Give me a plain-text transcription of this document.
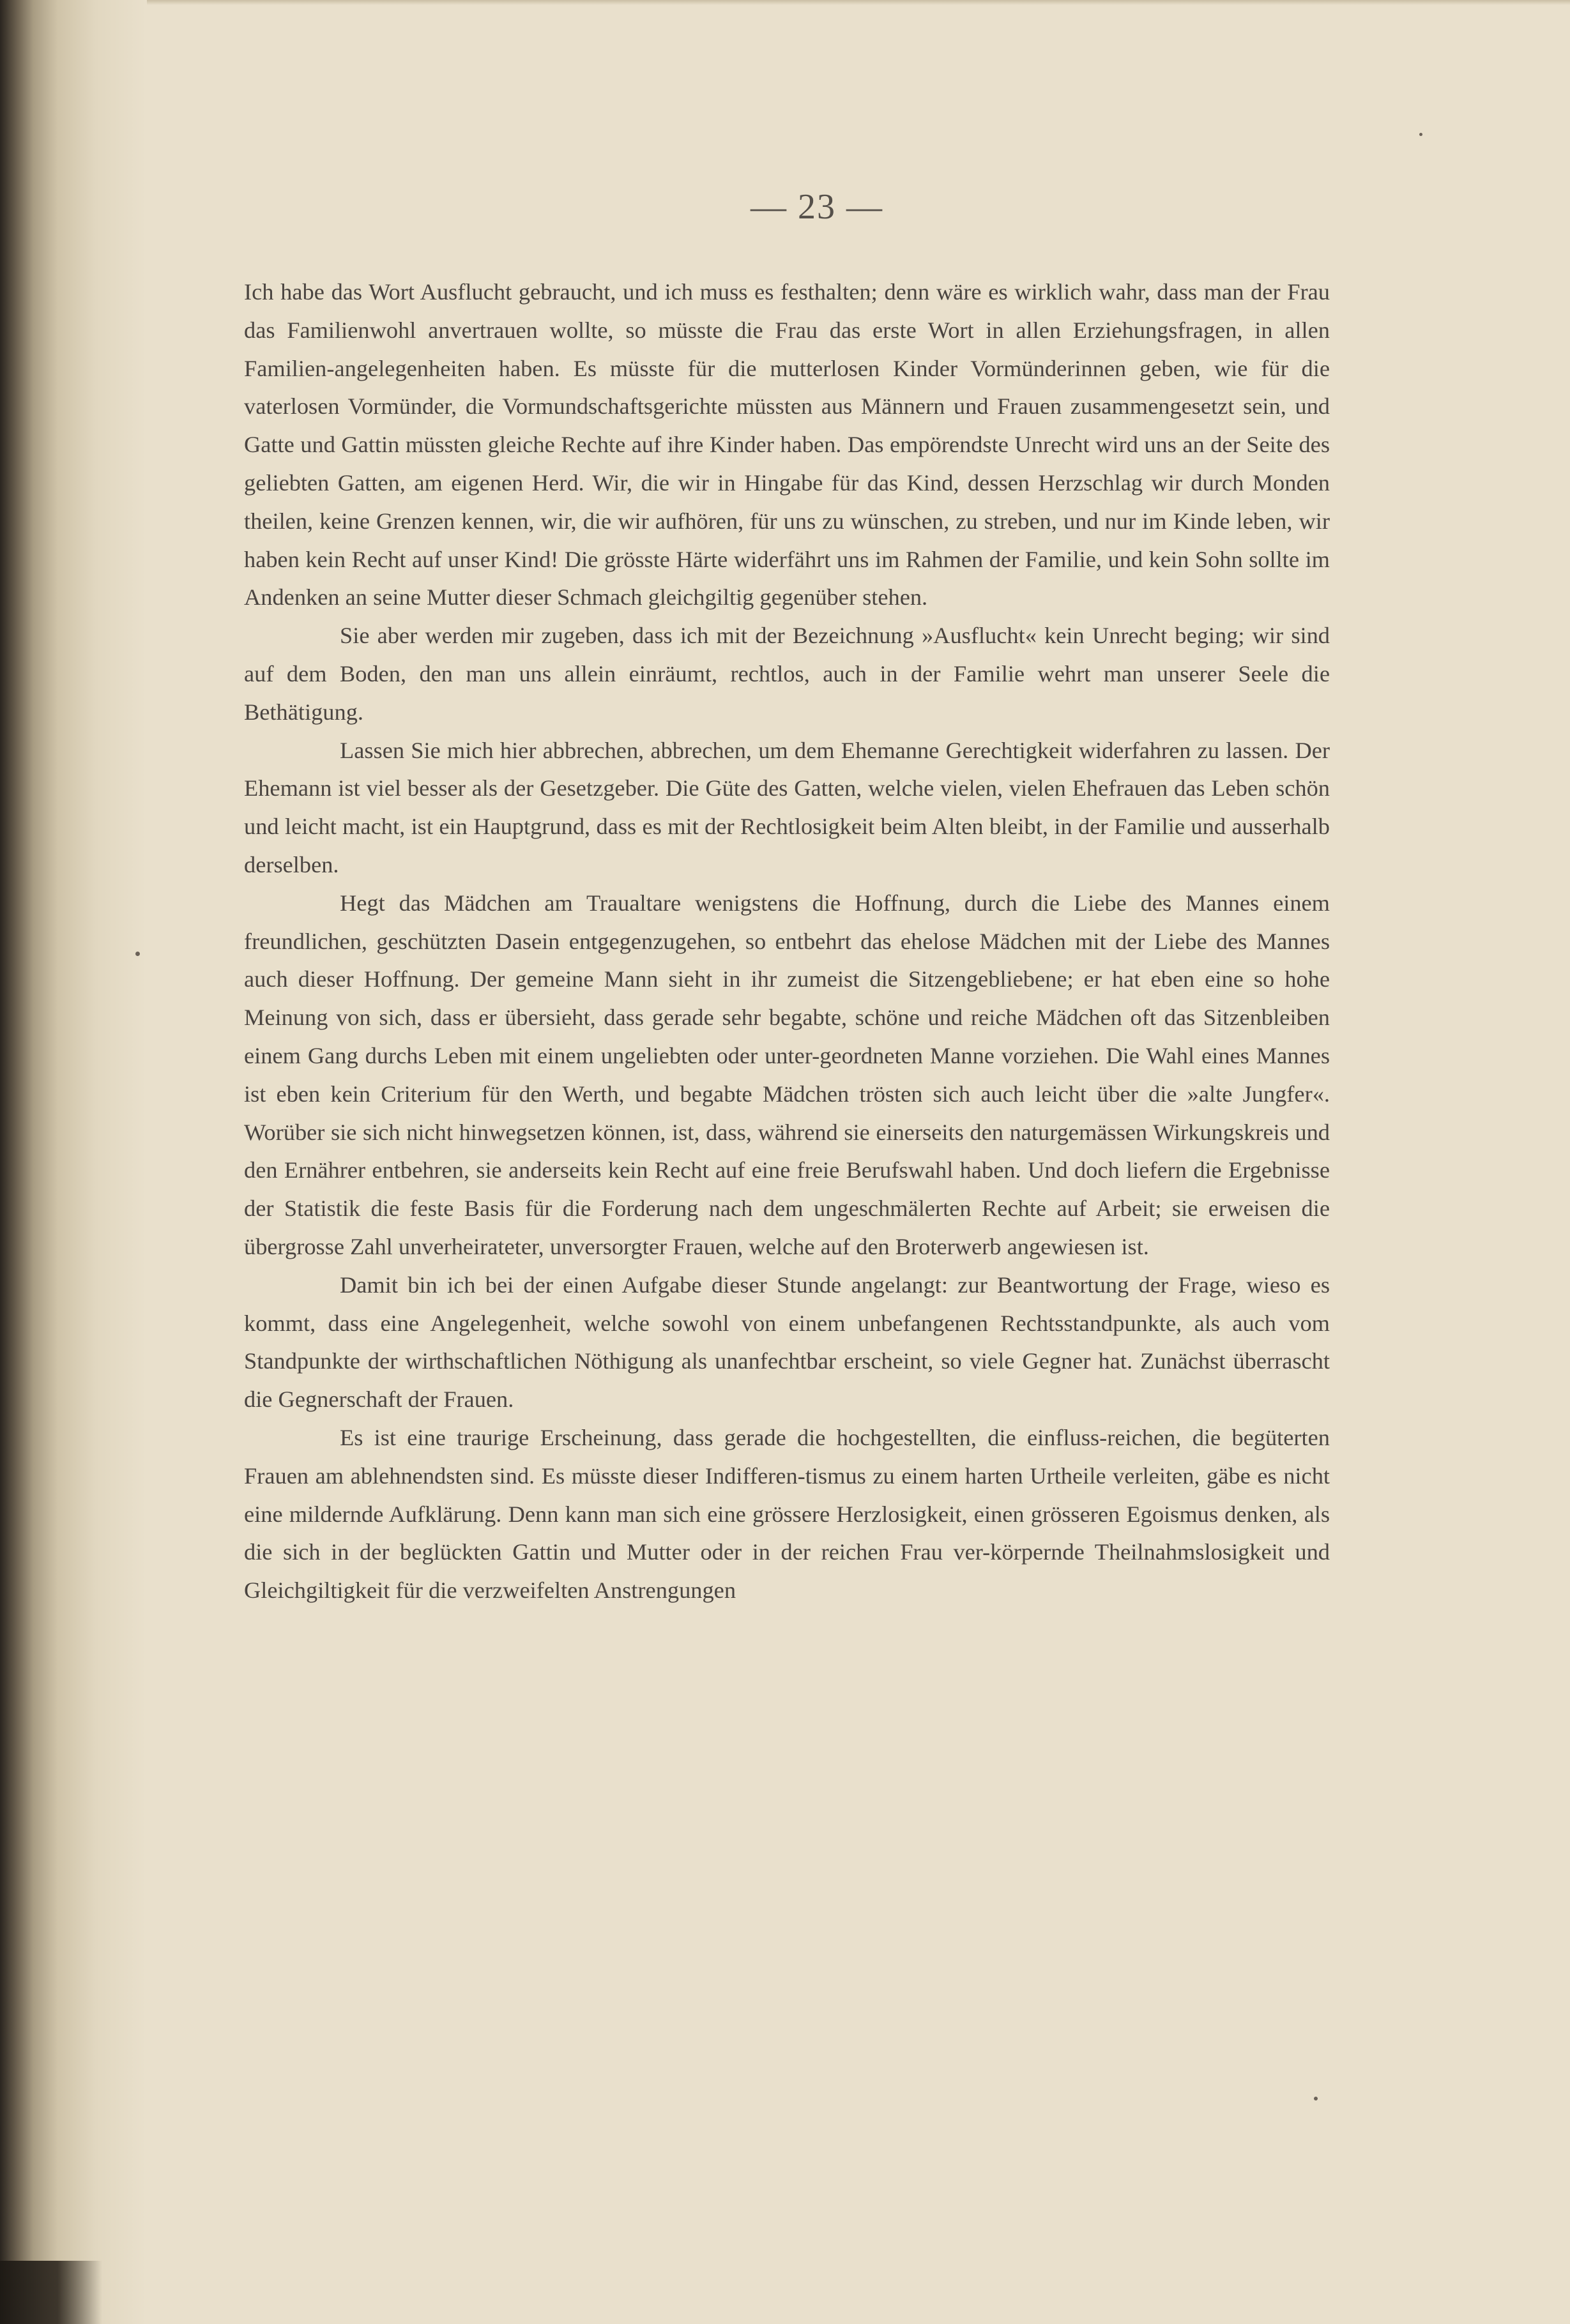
— 23 —

Ich habe das Wort Ausflucht gebraucht, und ich muss es festhalten; denn wäre es wirklich wahr, dass man der Frau das Familienwohl anvertrauen wollte, so müsste die Frau das erste Wort in allen Erziehungsfragen, in allen Familien-angelegenheiten haben. Es müsste für die mutterlosen Kinder Vormünderinnen geben, wie für die vaterlosen Vormünder, die Vormundschaftsgerichte müssten aus Männern und Frauen zusammengesetzt sein, und Gatte und Gattin müssten gleiche Rechte auf ihre Kinder haben. Das empörendste Unrecht wird uns an der Seite des geliebten Gatten, am eigenen Herd. Wir, die wir in Hingabe für das Kind, dessen Herzschlag wir durch Monden theilen, keine Grenzen kennen, wir, die wir aufhören, für uns zu wünschen, zu streben, und nur im Kinde leben, wir haben kein Recht auf unser Kind! Die grösste Härte widerfährt uns im Rahmen der Familie, und kein Sohn sollte im Andenken an seine Mutter dieser Schmach gleichgiltig gegenüber stehen.

Sie aber werden mir zugeben, dass ich mit der Bezeichnung »Ausflucht« kein Unrecht beging; wir sind auf dem Boden, den man uns allein einräumt, rechtlos, auch in der Familie wehrt man unserer Seele die Bethätigung.

Lassen Sie mich hier abbrechen, abbrechen, um dem Ehemanne Gerechtigkeit widerfahren zu lassen. Der Ehemann ist viel besser als der Gesetzgeber. Die Güte des Gatten, welche vielen, vielen Ehefrauen das Leben schön und leicht macht, ist ein Hauptgrund, dass es mit der Rechtlosigkeit beim Alten bleibt, in der Familie und ausserhalb derselben.

Hegt das Mädchen am Traualtare wenigstens die Hoffnung, durch die Liebe des Mannes einem freundlichen, geschützten Dasein entgegenzugehen, so entbehrt das ehelose Mädchen mit der Liebe des Mannes auch dieser Hoffnung. Der gemeine Mann sieht in ihr zumeist die Sitzengebliebene; er hat eben eine so hohe Meinung von sich, dass er übersieht, dass gerade sehr begabte, schöne und reiche Mädchen oft das Sitzenbleiben einem Gang durchs Leben mit einem ungeliebten oder unter-geordneten Manne vorziehen. Die Wahl eines Mannes ist eben kein Criterium für den Werth, und begabte Mädchen trösten sich auch leicht über die »alte Jungfer«. Worüber sie sich nicht hinwegsetzen können, ist, dass, während sie einerseits den naturgemässen Wirkungskreis und den Ernährer entbehren, sie anderseits kein Recht auf eine freie Berufswahl haben. Und doch liefern die Ergebnisse der Statistik die feste Basis für die Forderung nach dem ungeschmälerten Rechte auf Arbeit; sie erweisen die übergrosse Zahl unverheirateter, unversorgter Frauen, welche auf den Broterwerb angewiesen ist.

Damit bin ich bei der einen Aufgabe dieser Stunde angelangt: zur Beantwortung der Frage, wieso es kommt, dass eine Angelegenheit, welche sowohl von einem unbefangenen Rechtsstandpunkte, als auch vom Standpunkte der wirthschaftlichen Nöthigung als unanfechtbar erscheint, so viele Gegner hat. Zunächst überrascht die Gegnerschaft der Frauen.

Es ist eine traurige Erscheinung, dass gerade die hochgestellten, die einfluss-reichen, die begüterten Frauen am ablehnendsten sind. Es müsste dieser Indifferen-tismus zu einem harten Urtheile verleiten, gäbe es nicht eine mildernde Aufklärung. Denn kann man sich eine grössere Herzlosigkeit, einen grösseren Egoismus denken, als die sich in der beglückten Gattin und Mutter oder in der reichen Frau ver-körpernde Theilnahmslosigkeit und Gleichgiltigkeit für die verzweifelten Anstrengungen
